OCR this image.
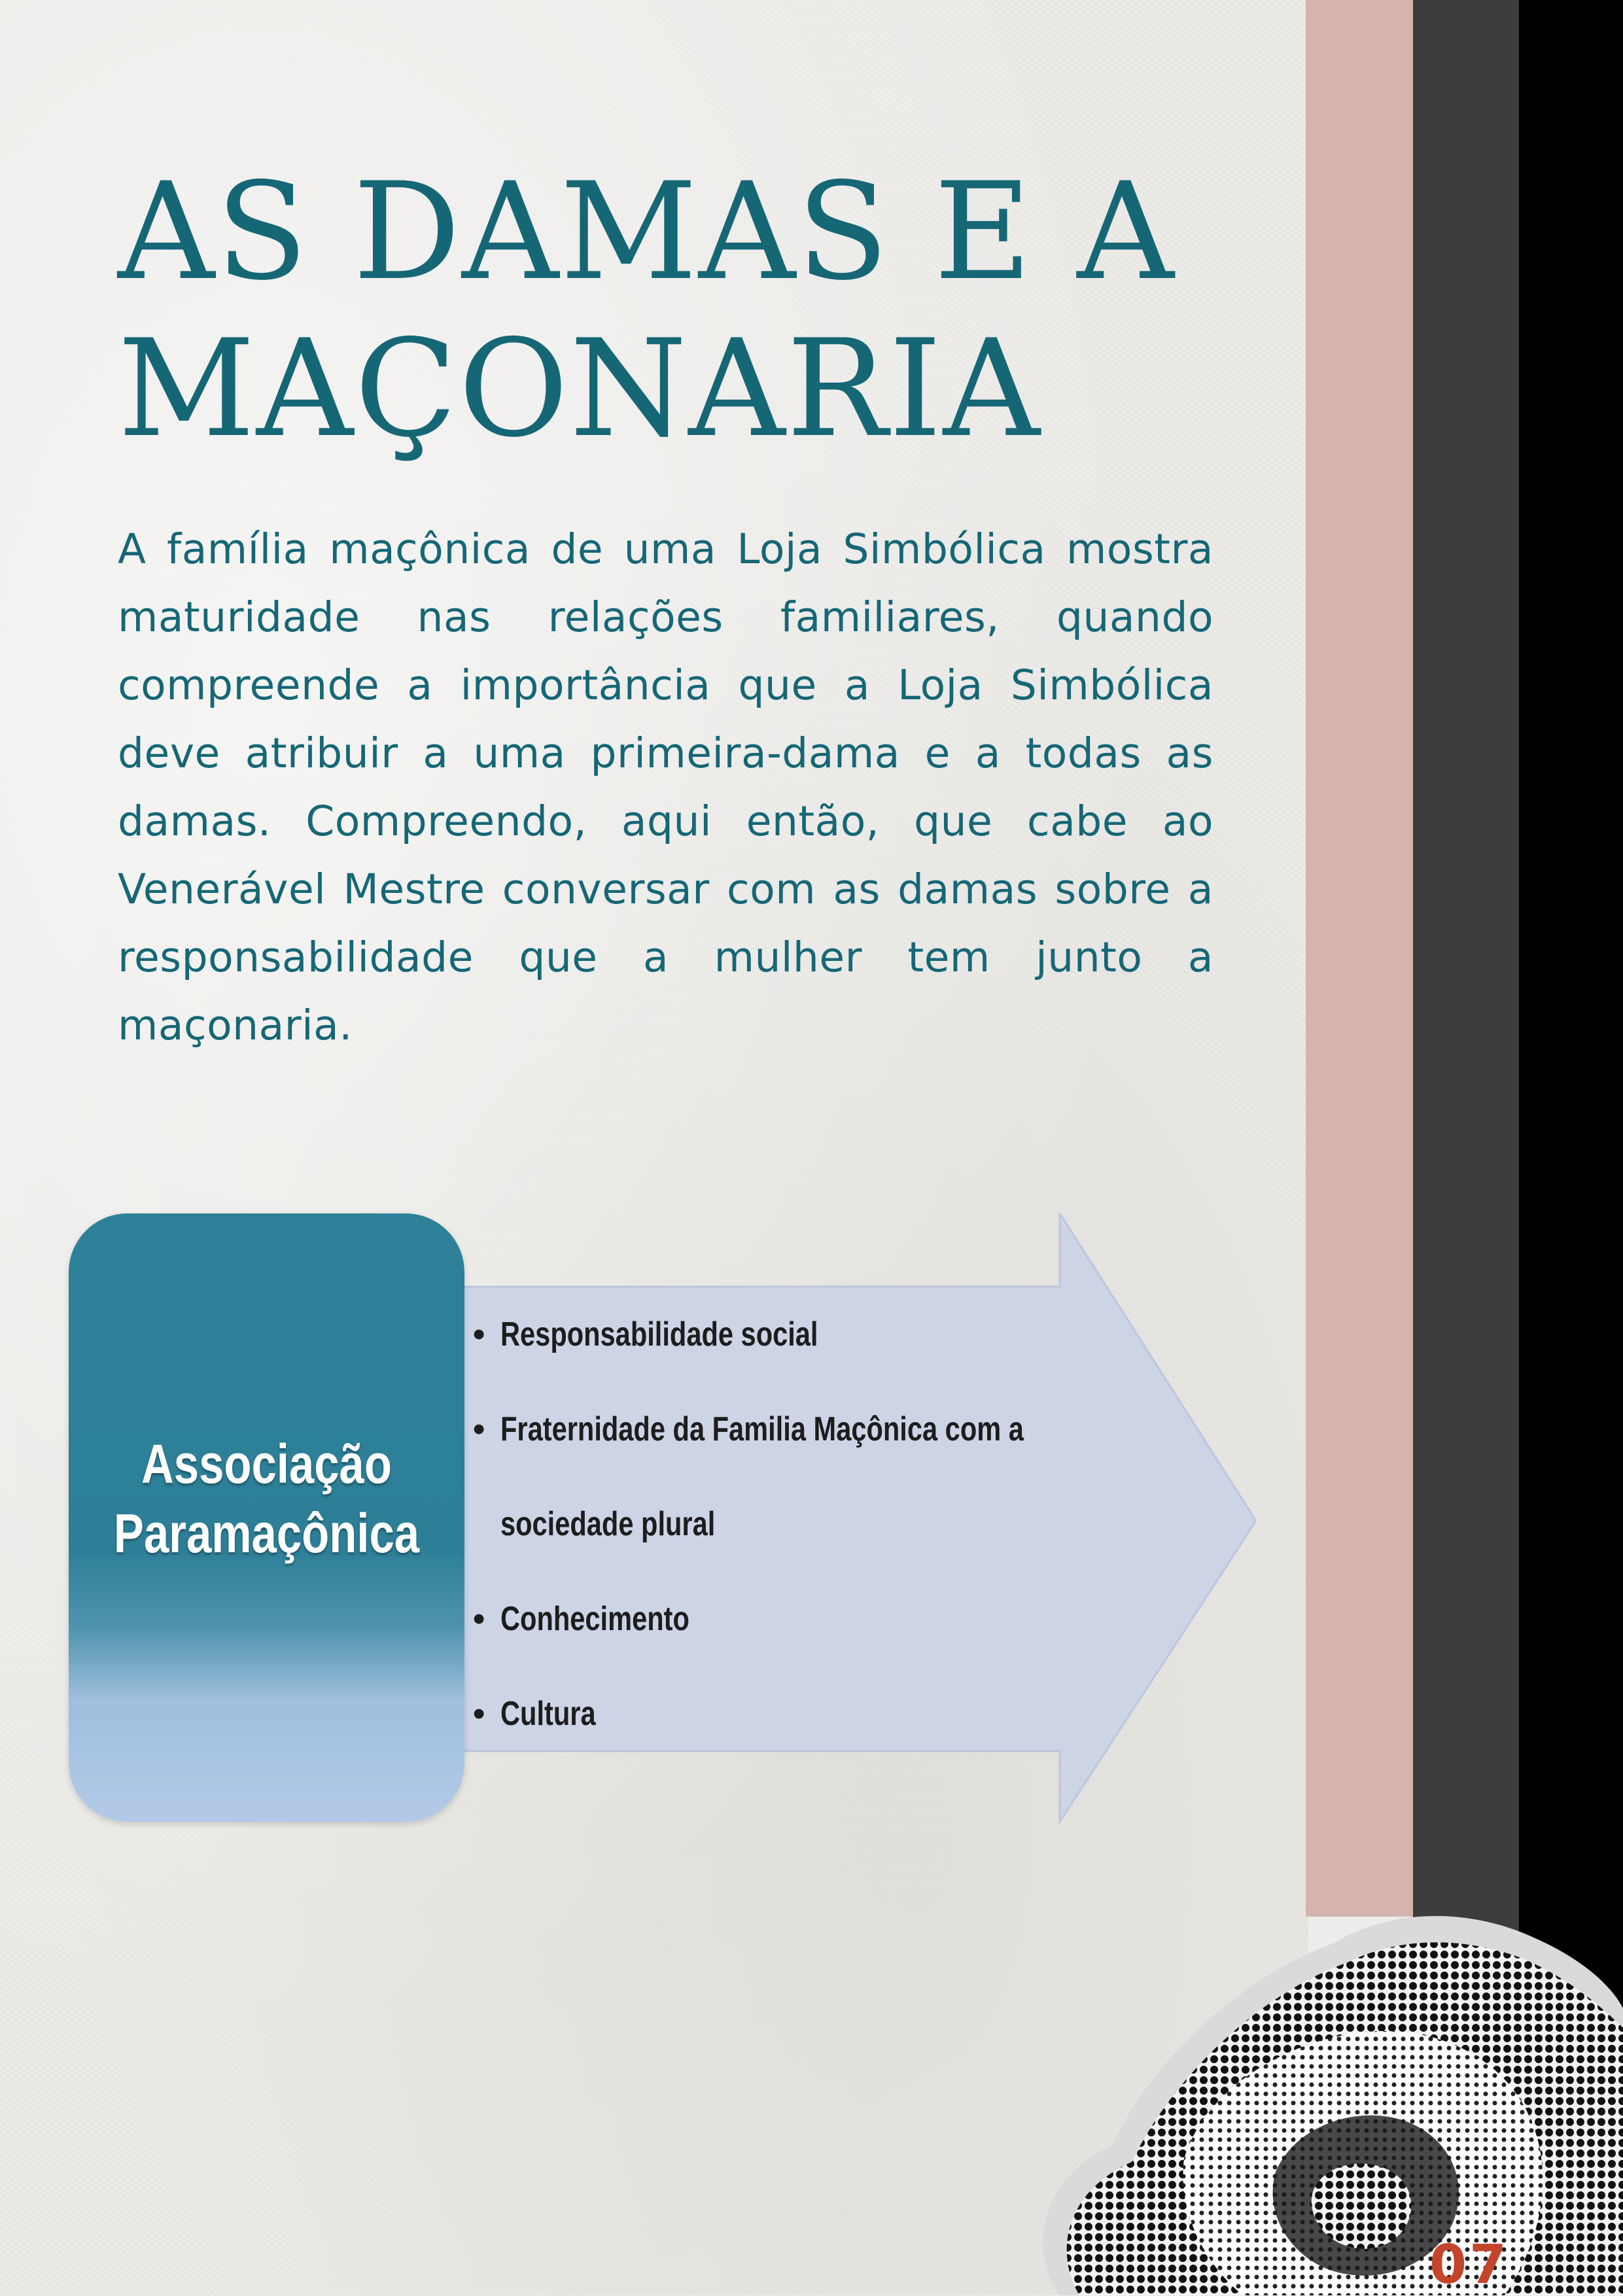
AS DAMAS E A
MAÇONARIA

A família maçônica de uma Loja Simbólica mostra maturidade nas relações familiares, quando compreende a importância que a Loja Simbólica deve atribuir a uma primeira-dama e a todas as damas. Compreendo, aqui então, que cabe ao Venerável Mestre conversar com as damas sobre a responsabilidade que a mulher tem junto a maçonaria.

Associação
Paramaçônica
• Responsabilidade social
• Fraternidade da Familia Maçônica com a
sociedade plural
• Conhecimento
• Cultura
07
